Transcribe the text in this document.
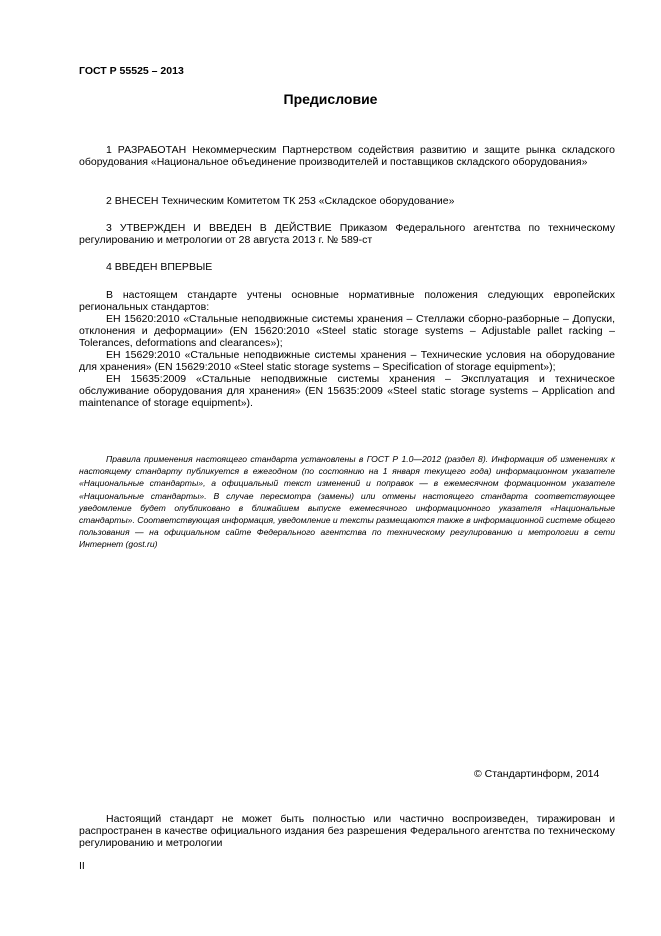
ГОСТ Р 55525 – 2013
Предисловие

1 РАЗРАБОТАН Некоммерческим Партнерством содействия развитию и защите рынка складского оборудования «Национальное объединение производителей и поставщиков складского оборудования»

2 ВНЕСЕН Техническим Комитетом ТК 253 «Складское оборудование»

3 УТВЕРЖДЕН И ВВЕДЕН В ДЕЙСТВИЕ Приказом Федерального агентства по техническому регулированию и метрологии от 28 августа 2013 г. № 589-ст

4 ВВЕДЕН ВПЕРВЫЕ

В настоящем стандарте учтены основные нормативные положения следующих европейских региональных стандартов:

ЕН 15620:2010 «Стальные неподвижные системы хранения – Стеллажи сборно-разборные – Допуски, отклонения и деформации» (EN 15620:2010 «Steel static storage systems – Adjustable pallet racking – Tolerances, deformations and clearances»);

ЕН 15629:2010 «Стальные неподвижные системы хранения – Технические условия на оборудование для хранения» (EN 15629:2010 «Steel static storage systems – Specification of storage equipment»);

ЕН 15635:2009 «Стальные неподвижные системы хранения – Эксплуатация и техническое обслуживание оборудования для хранения» (EN 15635:2009 «Steel static storage systems – Application and maintenance of storage equipment»).

Правила применения настоящего стандарта установлены в ГОСТ Р 1.0—2012 (раздел 8). Информация об изменениях к настоящему стандарту публикуется в ежегодном (по состоянию на 1 января текущего года) информационном указателе «Национальные стандарты», а официальный текст изменений и поправок — в ежемесячном формационном указателе «Национальные стандарты». В случае пересмотра (замены) или отмены настоящего стандарта соответствующее уведомление будет опубликовано в ближайшем выпуске ежемесячного информационного указателя «Национальные стандарты». Соответствующая информация, уведомление и тексты размещаются также в информационной системе общего пользования — на официальном сайте Федерального агентства по техническому регулированию и метрологии в сети Интернет (gost.ru)

© Стандартинформ, 2014

Настоящий стандарт не может быть полностью или частично воспроизведен, тиражирован и распространен в качестве официального издания без разрешения Федерального агентства по техническому регулированию и метрологии

II
